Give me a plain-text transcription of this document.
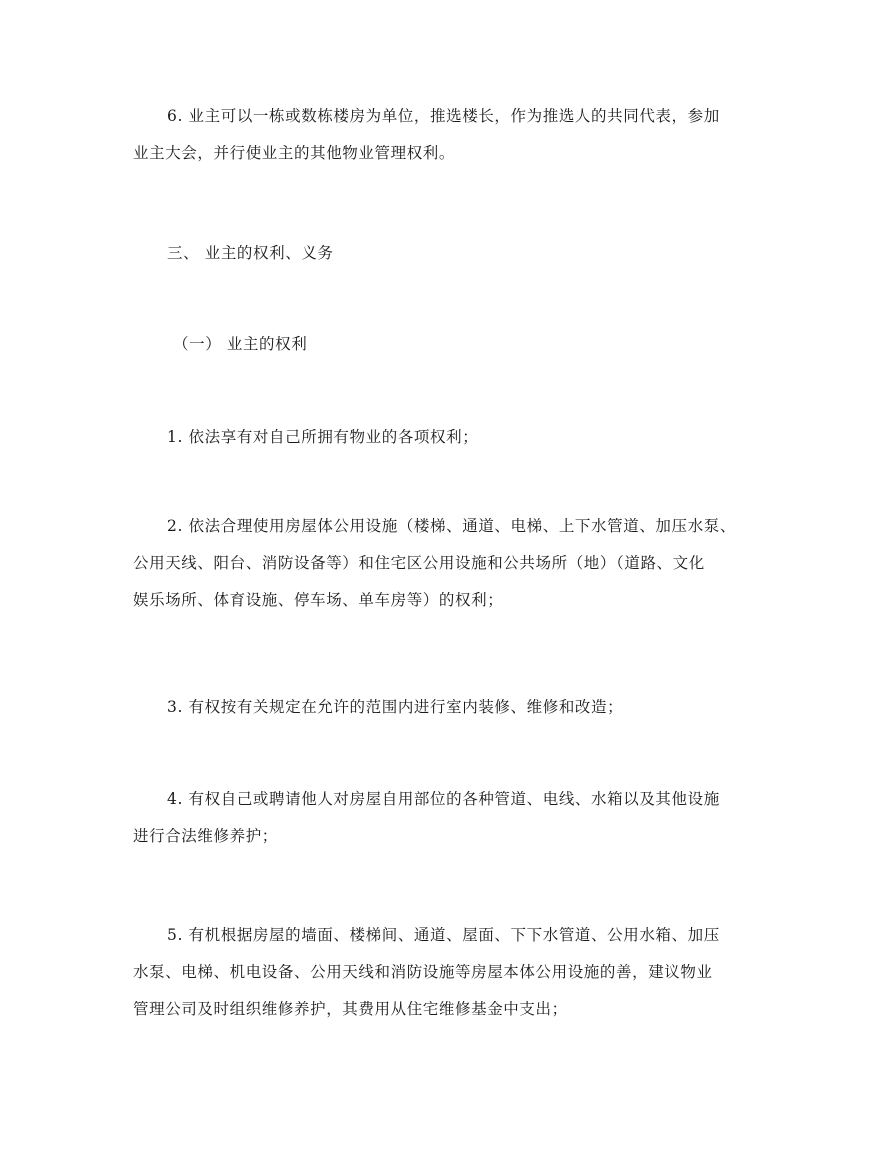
6. 业主可以一栋或数栋楼房为单位，推选楼长，作为推选人的共同代表，参加
业主大会，并行使业主的其他物业管理权利。

三、 业主的权利、义务

（一） 业主的权利

1. 依法享有对自己所拥有物业的各项权利；

2. 依法合理使用房屋体公用设施（楼梯、通道、电梯、上下水管道、加压水泵、
公用天线、阳台、消防设备等）和住宅区公用设施和公共场所（地）（道路、文化
娱乐场所、体育设施、停车场、单车房等）的权利；

3. 有权按有关规定在允许的范围内进行室内装修、维修和改造；

4. 有权自己或聘请他人对房屋自用部位的各种管道、电线、水箱以及其他设施
进行合法维修养护；

5. 有机根据房屋的墙面、楼梯间、通道、屋面、下下水管道、公用水箱、加压
水泵、电梯、机电设备、公用天线和消防设施等房屋本体公用设施的善，建议物业
管理公司及时组织维修养护，其费用从住宅维修基金中支出；
